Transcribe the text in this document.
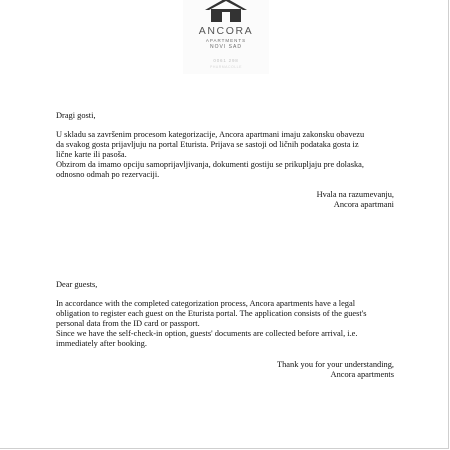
ANCORA
APARTMENTS
NOVI SAD
0061 298
PHARMACOLLE

Dragi gosti,

U skladu sa završenim procesom kategorizacije, Ancora apartmani imaju zakonsku obavezu

da svakog gosta prijavljuju na portal Eturista. Prijava se sastoji od ličnih podataka gosta iz

lične karte ili pasoša.

Obzirom da imamo opciju samoprijavljivanja, dokumenti gostiju se prikupljaju pre dolaska,

odnosno odmah po rezervaciji.

Hvala na razumevanju,

Ancora apartmani

Dear guests,

In accordance with the completed categorization process, Ancora apartments have a legal

obligation to register each guest on the Eturista portal. The application consists of the guest's

personal data from the ID card or passport.

Since we have the self-check-in option, guests' documents are collected before arrival, i.e.

immediately after booking.

Thank you for your understanding,

Ancora apartments
